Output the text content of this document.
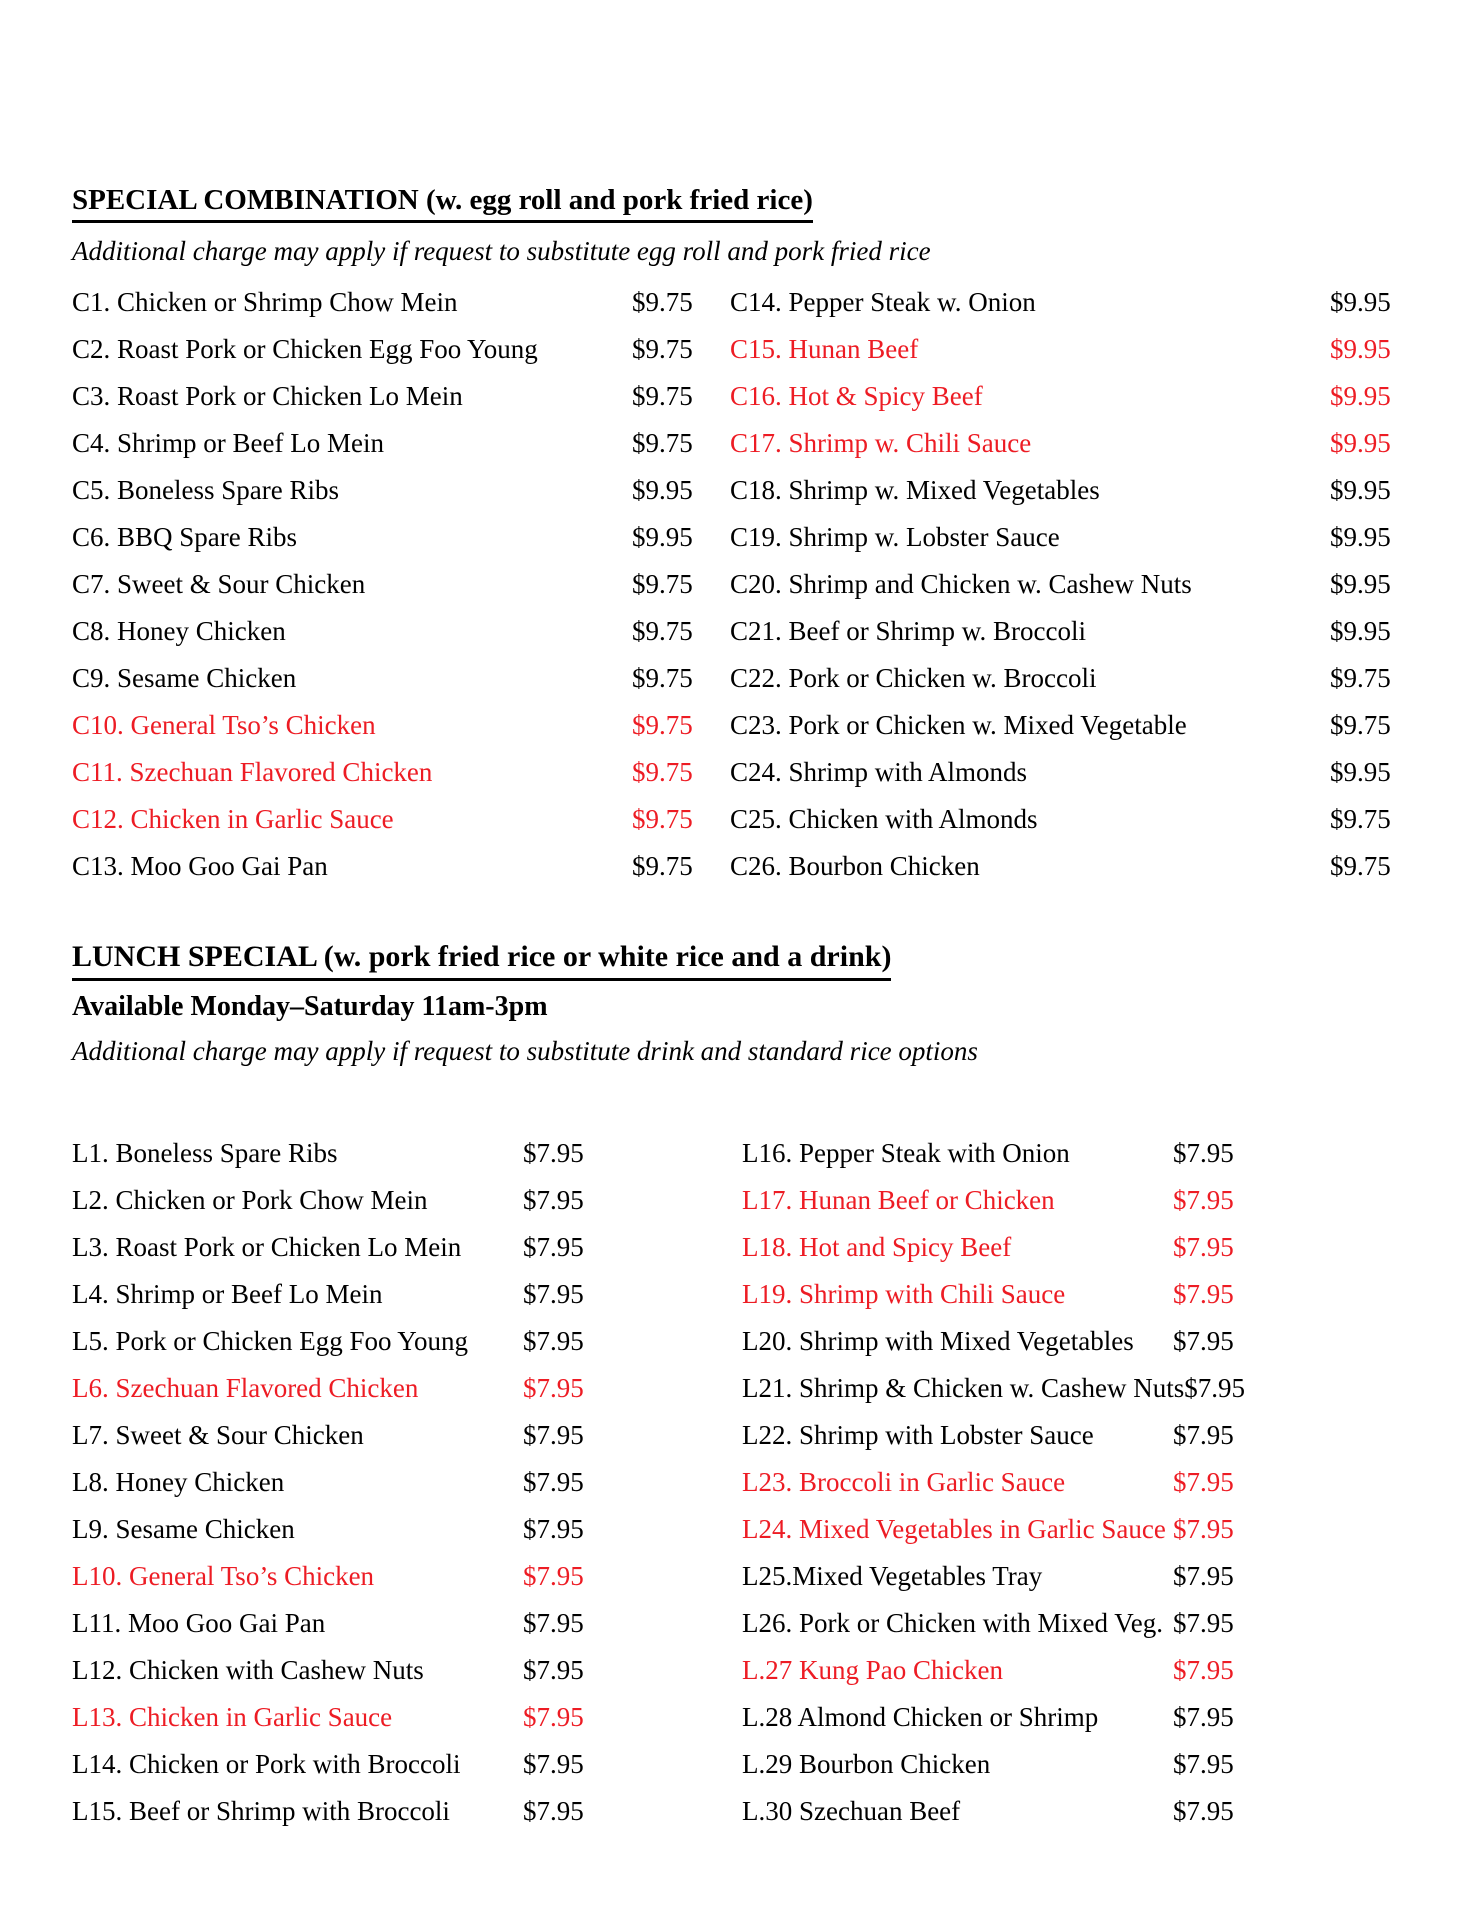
SPECIAL COMBINATION (w. egg roll and pork fried rice)

Additional charge may apply if request to substitute egg roll and pork fried rice

C1. Chicken or Shrimp Chow Mein	$9.75
C2. Roast Pork or Chicken Egg Foo Young	$9.75
C3. Roast Pork or Chicken Lo Mein	$9.75
C4. Shrimp or Beef Lo Mein	$9.75
C5. Boneless Spare Ribs	$9.95
C6. BBQ Spare Ribs	$9.95
C7. Sweet & Sour Chicken	$9.75
C8. Honey Chicken	$9.75
C9. Sesame Chicken	$9.75
C10. General Tso’s Chicken	$9.75
C11. Szechuan Flavored Chicken	$9.75
C12. Chicken in Garlic Sauce	$9.75
C13. Moo Goo Gai Pan	$9.75
C14. Pepper Steak w. Onion	$9.95
C15. Hunan Beef	$9.95
C16. Hot & Spicy Beef	$9.95
C17. Shrimp w. Chili Sauce	$9.95
C18. Shrimp w. Mixed Vegetables	$9.95
C19. Shrimp w. Lobster Sauce	$9.95
C20. Shrimp and Chicken w. Cashew Nuts	$9.95
C21. Beef or Shrimp w. Broccoli	$9.95
C22. Pork or Chicken w. Broccoli	$9.75
C23. Pork or Chicken w. Mixed Vegetable	$9.75
C24. Shrimp with Almonds	$9.95
C25. Chicken with Almonds	$9.75
C26. Bourbon Chicken	$9.75
LUNCH SPECIAL (w. pork fried rice or white rice and a drink)

Available Monday–Saturday 11am-3pm

Additional charge may apply if request to substitute drink and standard rice options

L1. Boneless Spare Ribs	$7.95
L2. Chicken or Pork Chow Mein	$7.95
L3. Roast Pork or Chicken Lo Mein	$7.95
L4. Shrimp or Beef Lo Mein	$7.95
L5. Pork or Chicken Egg Foo Young	$7.95
L6. Szechuan Flavored Chicken	$7.95
L7. Sweet & Sour Chicken	$7.95
L8. Honey Chicken	$7.95
L9. Sesame Chicken	$7.95
L10. General Tso’s Chicken	$7.95
L11. Moo Goo Gai Pan	$7.95
L12. Chicken with Cashew Nuts	$7.95
L13. Chicken in Garlic Sauce	$7.95
L14. Chicken or Pork with Broccoli	$7.95
L15. Beef or Shrimp with Broccoli	$7.95
L16. Pepper Steak with Onion	$7.95
L17. Hunan Beef or Chicken	$7.95
L18. Hot and Spicy Beef	$7.95
L19. Shrimp with Chili Sauce	$7.95
L20. Shrimp with Mixed Vegetables	$7.95
L21. Shrimp & Chicken w. Cashew Nuts $7.95
L22. Shrimp with Lobster Sauce	$7.95
L23. Broccoli in Garlic Sauce	$7.95
L24. Mixed Vegetables in Garlic Sauce $7.95
L25.Mixed Vegetables Tray	$7.95
L26. Pork or Chicken with Mixed Veg. $7.95
L.27 Kung Pao Chicken	$7.95
L.28 Almond Chicken or Shrimp	$7.95
L.29 Bourbon Chicken	$7.95
L.30 Szechuan Beef	$7.95
